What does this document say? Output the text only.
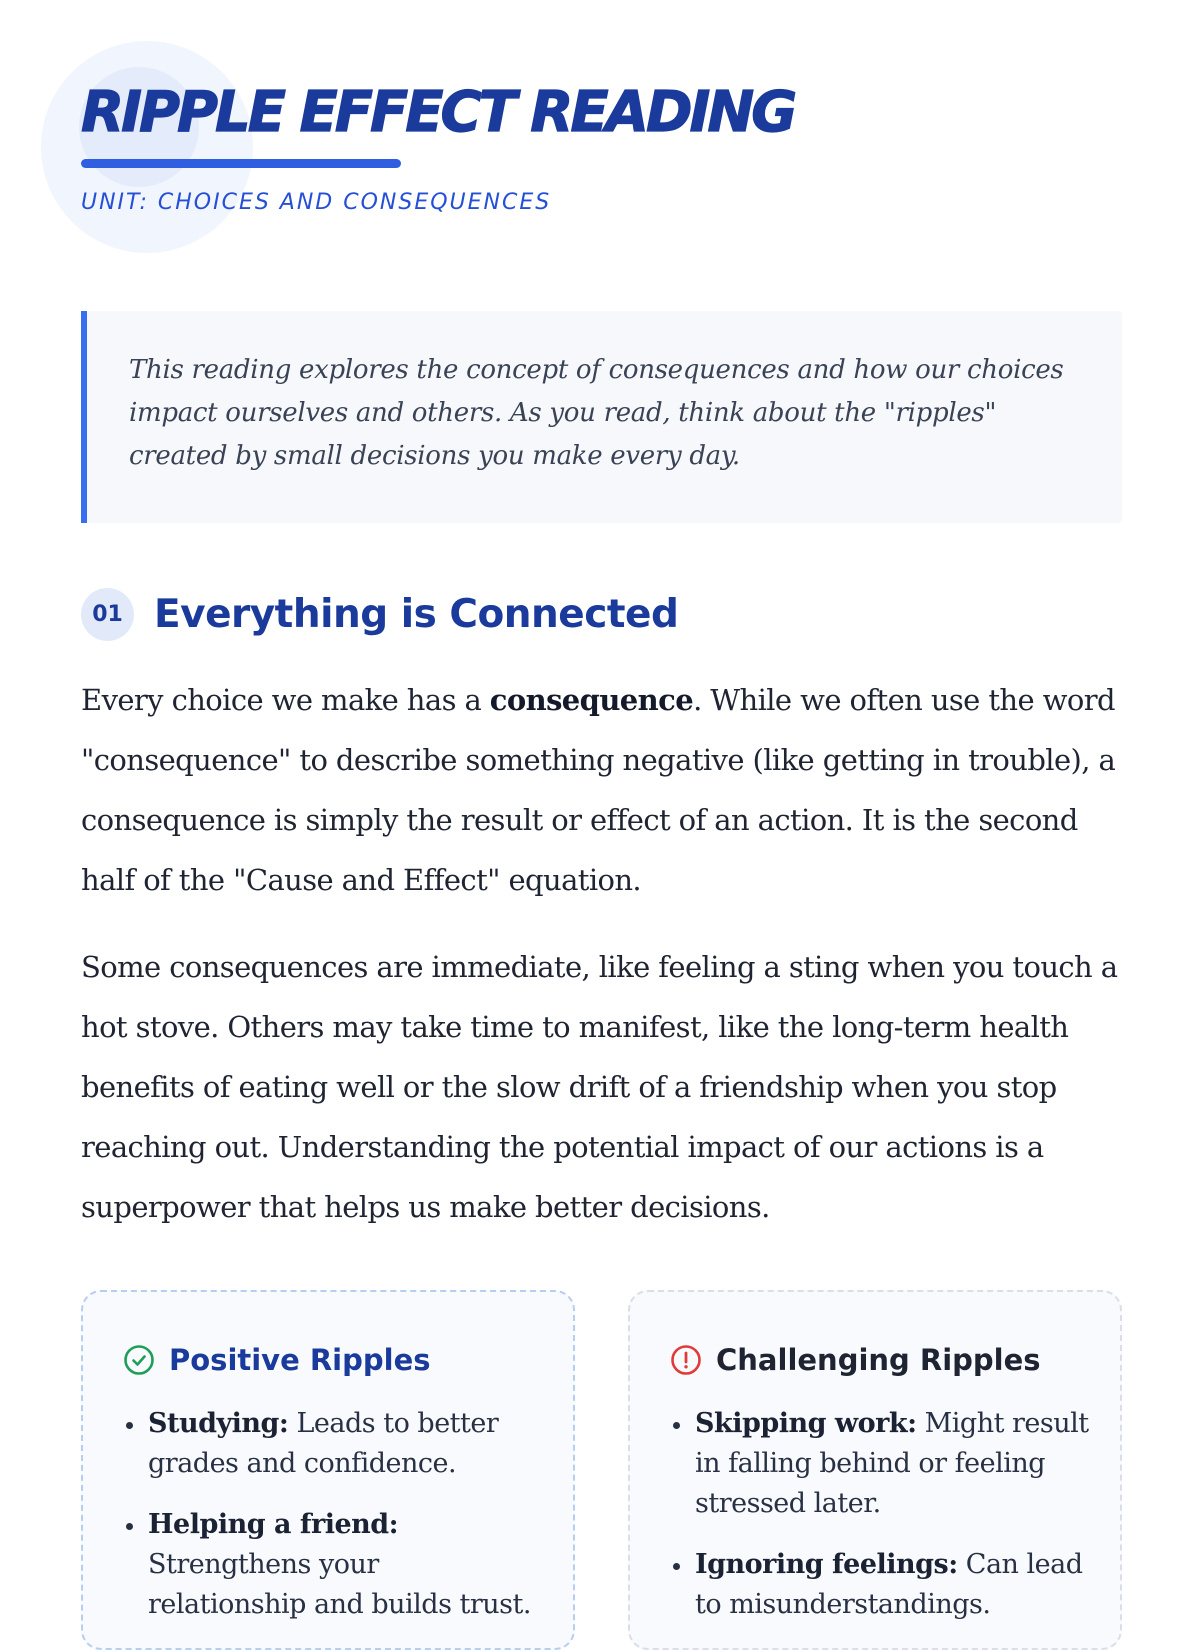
RIPPLE EFFECT READING
UNIT: CHOICES AND CONSEQUENCES
This reading explores the concept of consequences and how our choices impact ourselves and others. As you read, think about the "ripples" created by small decisions you make every day.
01 Everything is Connected

Every choice we make has a consequence. While we often use the word "consequence" to describe something negative (like getting in trouble), a consequence is simply the result or effect of an action. It is the second half of the "Cause and Effect" equation.

Some consequences are immediate, like feeling a sting when you touch a hot stove. Others may take time to manifest, like the long-term health benefits of eating well or the slow drift of a friendship when you stop reaching out. Understanding the potential impact of our actions is a superpower that helps us make better decisions.

Positive Ripples
Studying: Leads to better grades and confidence.
Helping a friend: Strengthens your relationship and builds trust.
Challenging Ripples
Skipping work: Might result in falling behind or feeling stressed later.
Ignoring feelings: Can lead to misunderstandings.
